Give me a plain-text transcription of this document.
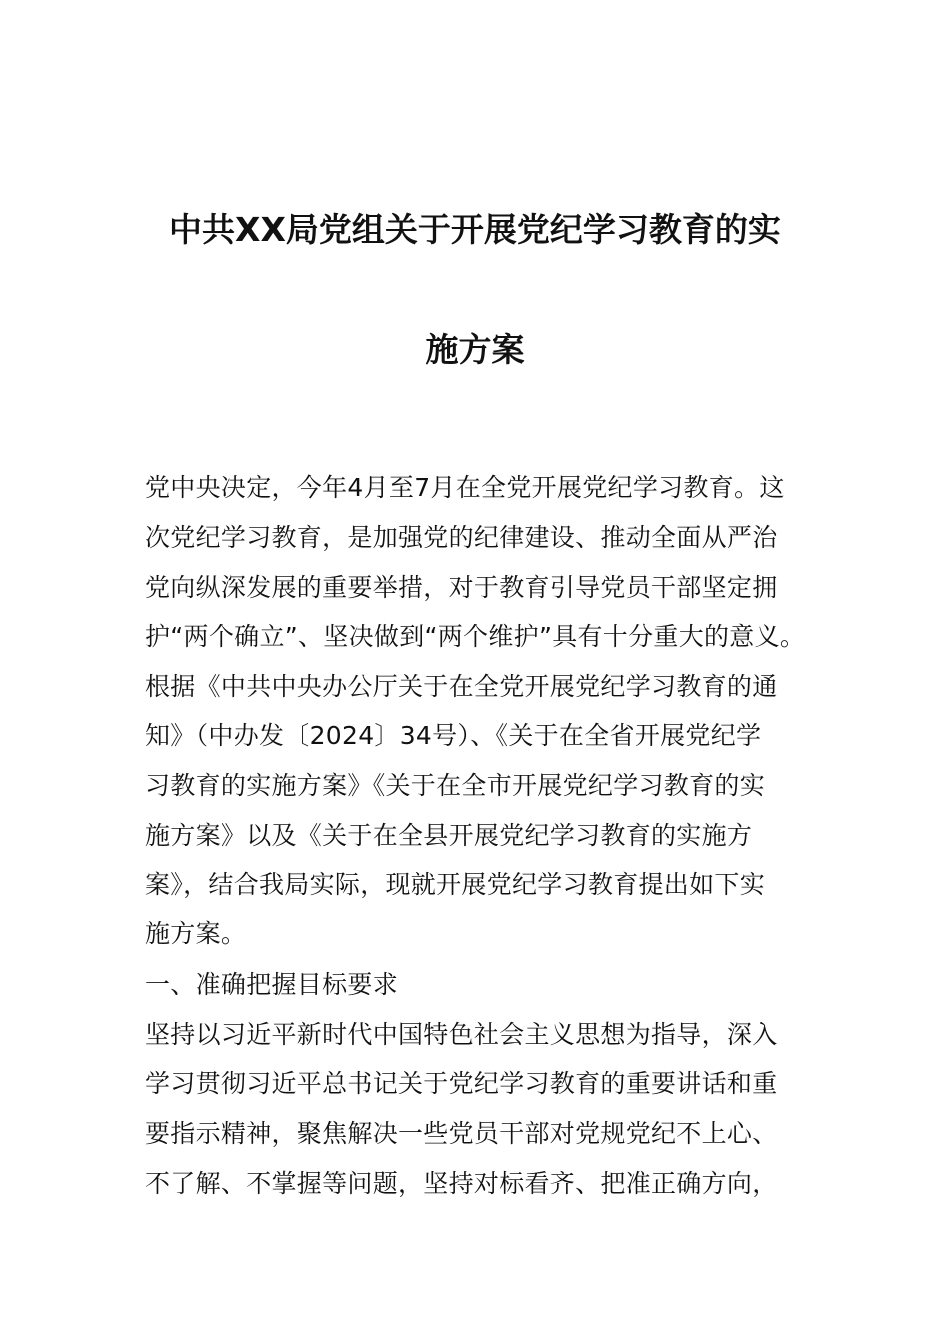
中共XX局党组关于开展党纪学习教育的实
施方案
党中央决定，今年4月至7月在全党开展党纪学习教育。这
次党纪学习教育，是加强党的纪律建设、推动全面从严治
党向纵深发展的重要举措，对于教育引导党员干部坚定拥
护“两个确立”、坚决做到“两个维护”具有十分重大的意义。
根据《中共中央办公厅关于在全党开展党纪学习教育的通
知》（中办发〔2024〕34号）、《关于在全省开展党纪学
习教育的实施方案》《关于在全市开展党纪学习教育的实
施方案》以及《关于在全县开展党纪学习教育的实施方
案》，结合我局实际，现就开展党纪学习教育提出如下实
施方案。
一、准确把握目标要求
坚持以习近平新时代中国特色社会主义思想为指导，深入
学习贯彻习近平总书记关于党纪学习教育的重要讲话和重
要指示精神，聚焦解决一些党员干部对党规党纪不上心、
不了解、不掌握等问题，坚持对标看齐、把准正确方向，
